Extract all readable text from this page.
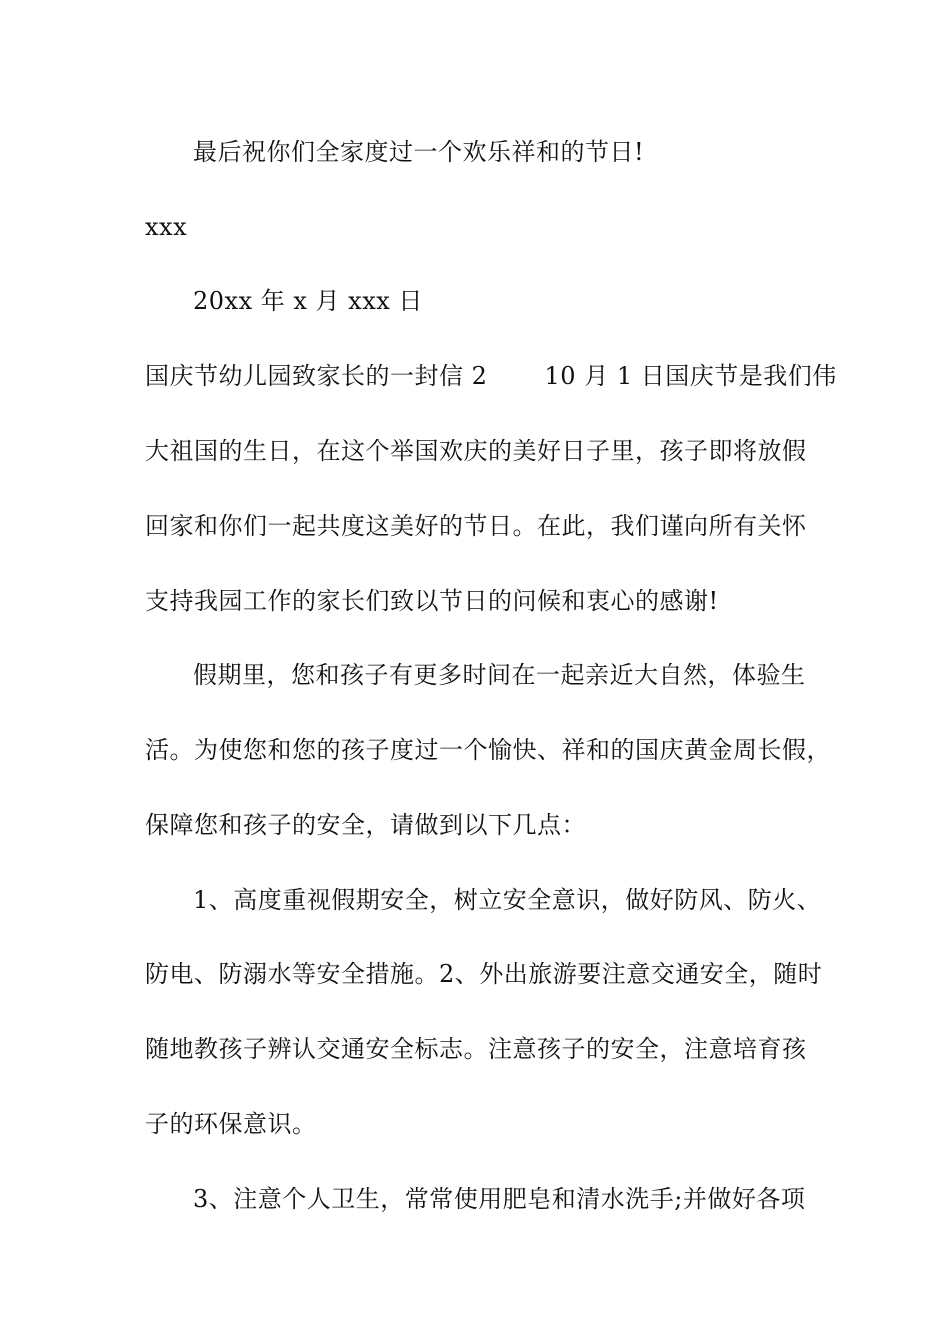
最后祝你们全家度过一个欢乐祥和的节日!
xxx
20xx 年 x 月 xxx 日
国庆节幼儿园致家长的一封信 2　　 10 月 1 日国庆节是我们伟
大祖国的生日，在这个举国欢庆的美好日子里，孩子即将放假
回家和你们一起共度这美好的节日。在此，我们谨向所有关怀
支持我园工作的家长们致以节日的问候和衷心的感谢!
假期里，您和孩子有更多时间在一起亲近大自然，体验生
活。为使您和您的孩子度过一个愉快、祥和的国庆黄金周长假，
保障您和孩子的安全，请做到以下几点：
1、高度重视假期安全，树立安全意识，做好防风、防火、
防电、防溺水等安全措施。2、外出旅游要注意交通安全，随时
随地教孩子辨认交通安全标志。注意孩子的安全，注意培育孩
子的环保意识。
3、注意个人卫生，常常使用肥皂和清水洗手;并做好各项
